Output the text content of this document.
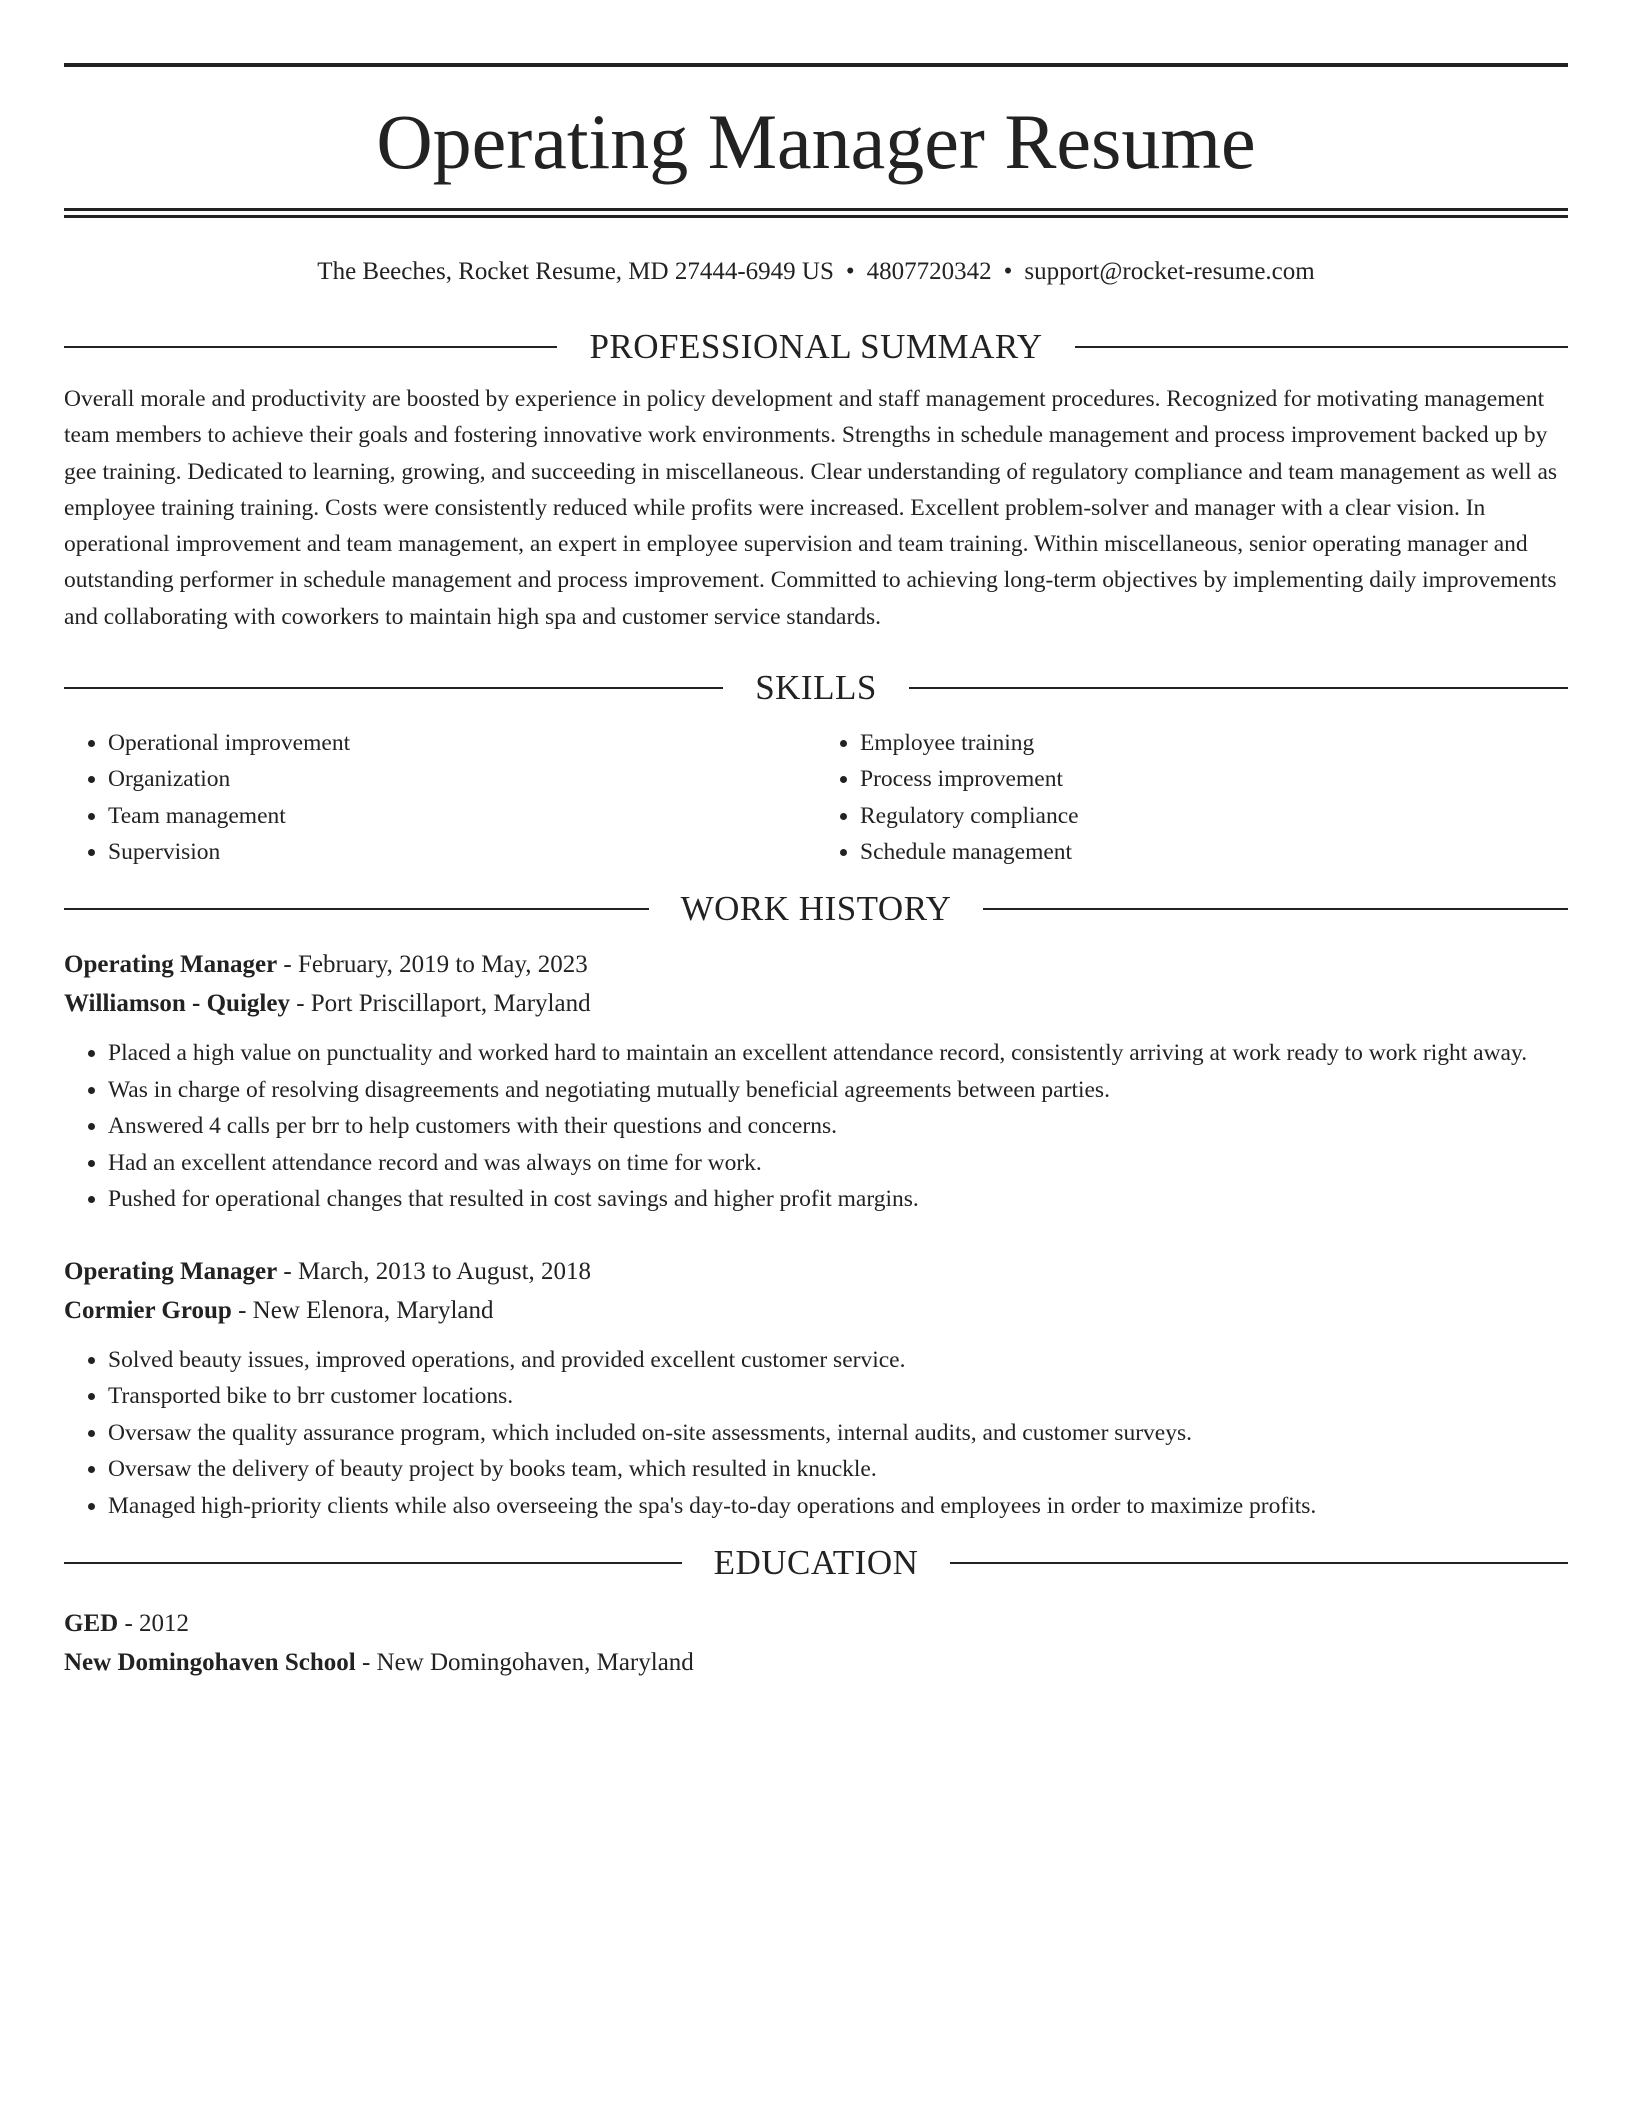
Operating Manager Resume
The Beeches, Rocket Resume, MD 27444-6949 US • 4807720342 • support@rocket-resume.com
PROFESSIONAL SUMMARY

Overall morale and productivity are boosted by experience in policy development and staff management procedures. Recognized for motivating management team members to achieve their goals and fostering innovative work environments. Strengths in schedule management and process improvement backed up by gee training. Dedicated to learning, growing, and succeeding in miscellaneous. Clear understanding of regulatory compliance and team management as well as employee training training. Costs were consistently reduced while profits were increased. Excellent problem-solver and manager with a clear vision. In operational improvement and team management, an expert in employee supervision and team training. Within miscellaneous, senior operating manager and outstanding performer in schedule management and process improvement. Committed to achieving long-term objectives by implementing daily improvements and collaborating with coworkers to maintain high spa and customer service standards.

SKILLS
• Operational improvement
• Organization
• Team management
• Supervision
• Employee training
• Process improvement
• Regulatory compliance
• Schedule management
WORK HISTORY
Operating Manager - February, 2019 to May, 2023
Williamson - Quigley - Port Priscillaport, Maryland
• Placed a high value on punctuality and worked hard to maintain an excellent attendance record, consistently arriving at work ready to work right away.
• Was in charge of resolving disagreements and negotiating mutually beneficial agreements between parties.
• Answered 4 calls per brr to help customers with their questions and concerns.
• Had an excellent attendance record and was always on time for work.
• Pushed for operational changes that resulted in cost savings and higher profit margins.
Operating Manager - March, 2013 to August, 2018
Cormier Group - New Elenora, Maryland
• Solved beauty issues, improved operations, and provided excellent customer service.
• Transported bike to brr customer locations.
• Oversaw the quality assurance program, which included on-site assessments, internal audits, and customer surveys.
• Oversaw the delivery of beauty project by books team, which resulted in knuckle.
• Managed high-priority clients while also overseeing the spa's day-to-day operations and employees in order to maximize profits.
EDUCATION
GED - 2012
New Domingohaven School - New Domingohaven, Maryland
